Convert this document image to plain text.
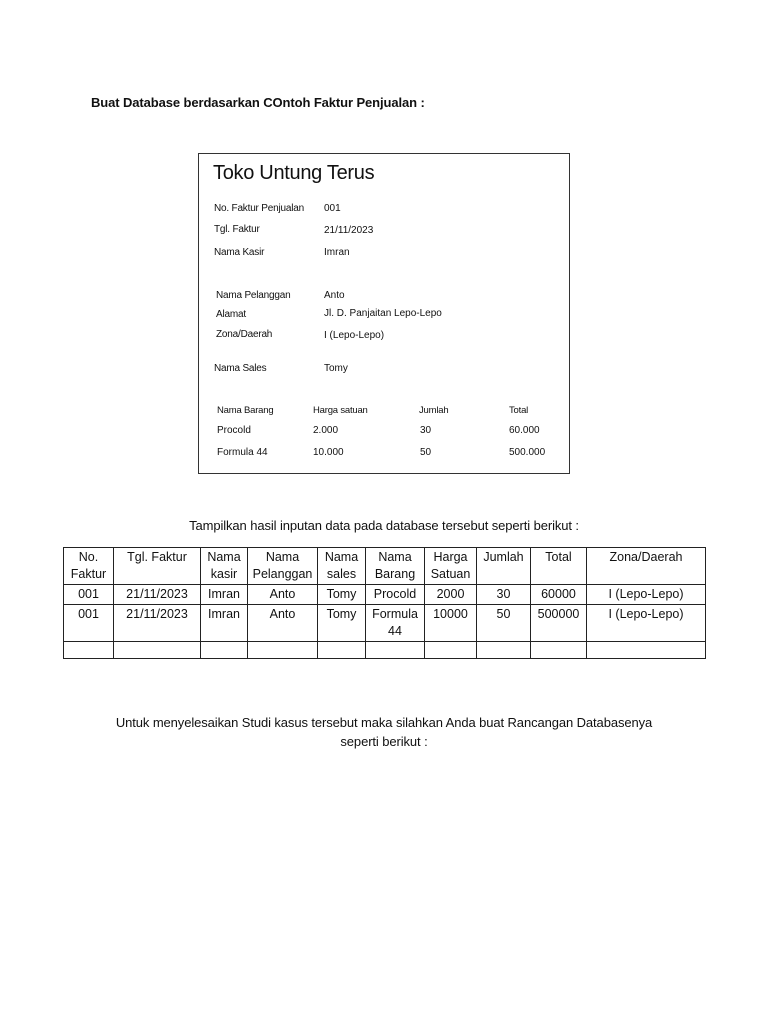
Buat Database berdasarkan COntoh Faktur Penjualan :
Toko Untung Terus
No. Faktur Penjualan 001
Tgl. Faktur	21/11/2023
Nama Kasir	Imran
Nama Pelanggan	Anto
Alamat	Jl. D. Panjaitan Lepo-Lepo
Zona/Daerah	I (Lepo-Lepo)
Nama Sales	Tomy
Nama Barang	Harga satuan	Jumlah	Total
Procold	2.000	30	60.000
Formula 44	10.000	50	500.000
Tampilkan hasil inputan data pada database tersebut seperti berikut :
No. Faktur	Tgl. Faktur	Nama kasir	Nama Pelanggan	Nama sales	Nama Barang	Harga Satuan	Jumlah	Total	Zona/Daerah
001	21/11/2023	Imran	Anto	Tomy	Procold	2000	30	60000	I (Lepo-Lepo)
001	21/11/2023	Imran	Anto	Tomy	Formula 44	10000	50	500000	I (Lepo-Lepo)

Untuk menyelesaikan Studi kasus tersebut maka silahkan Anda buat Rancangan Databasenya seperti berikut :
